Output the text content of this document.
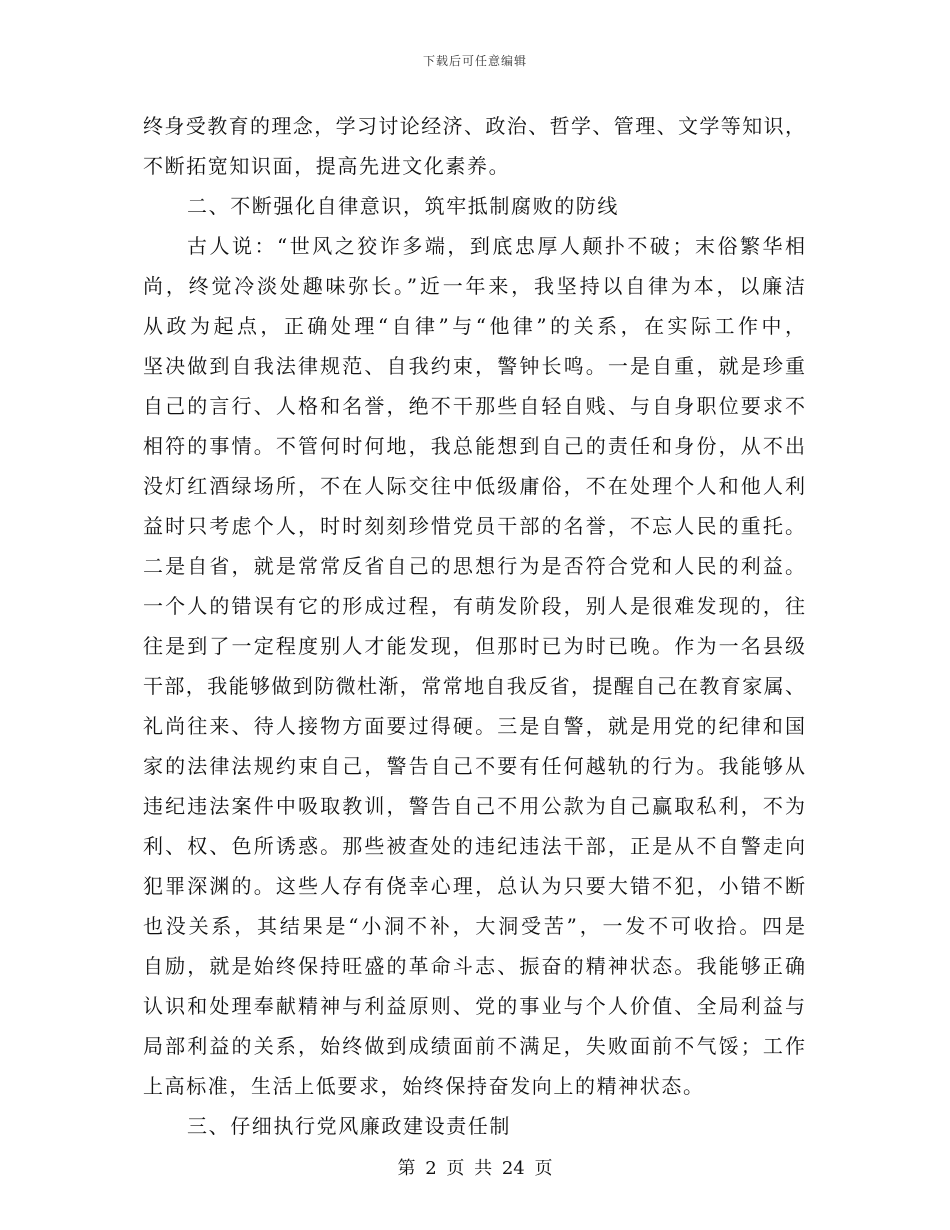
下载后可任意编辑
终身受教育的理念，学习讨论经济、政治、哲学、管理、文学等知识，
不断拓宽知识面，提高先进文化素养。
二、不断强化自律意识，筑牢抵制腐败的防线
古人说：“世风之狡诈多端，到底忠厚人颠扑不破；末俗繁华相
尚，终觉冷淡处趣味弥长。”近一年来，我坚持以自律为本，以廉洁
从政为起点，正确处理“自律”与“他律”的关系，在实际工作中，
坚决做到自我法律规范、自我约束，警钟长鸣。一是自重，就是珍重
自己的言行、人格和名誉，绝不干那些自轻自贱、与自身职位要求不
相符的事情。不管何时何地，我总能想到自己的责任和身份，从不出
没灯红酒绿场所，不在人际交往中低级庸俗，不在处理个人和他人利
益时只考虑个人，时时刻刻珍惜党员干部的名誉，不忘人民的重托。
二是自省，就是常常反省自己的思想行为是否符合党和人民的利益。
一个人的错误有它的形成过程，有萌发阶段，别人是很难发现的，往
往是到了一定程度别人才能发现，但那时已为时已晚。作为一名县级
干部，我能够做到防微杜渐，常常地自我反省，提醒自己在教育家属、
礼尚往来、待人接物方面要过得硬。三是自警，就是用党的纪律和国
家的法律法规约束自己，警告自己不要有任何越轨的行为。我能够从
违纪违法案件中吸取教训，警告自己不用公款为自己赢取私利，不为
利、权、色所诱惑。那些被查处的违纪违法干部，正是从不自警走向
犯罪深渊的。这些人存有侥幸心理，总认为只要大错不犯，小错不断
也没关系，其结果是“小洞不补，大洞受苦”，一发不可收拾。四是
自励，就是始终保持旺盛的革命斗志、振奋的精神状态。我能够正确
认识和处理奉献精神与利益原则、党的事业与个人价值、全局利益与
局部利益的关系，始终做到成绩面前不满足，失败面前不气馁；工作
上高标准，生活上低要求，始终保持奋发向上的精神状态。
三、仔细执行党风廉政建设责任制
第 2 页 共 24 页
